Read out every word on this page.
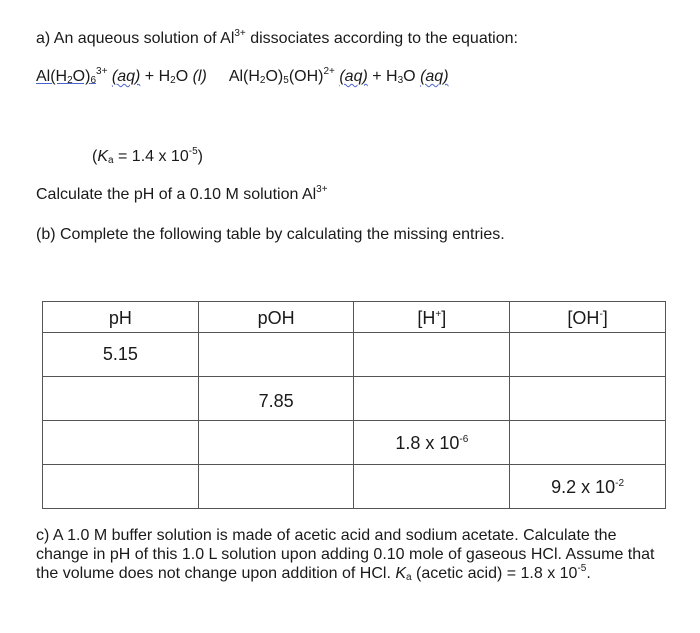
a) An aqueous solution of $Al^{3+}$ dissociates according to the equation:
$Al(H_2O)_6^{3+}$ $(aq) + H_2O$ (l) $Al(H_2O)_5(OH)^{2+}$ $(aq) + H_3O$ (aq)
($K_a = 1.4$ x $10^{-5}$)
Calculate the pH of a 0.10 M solution $Al^{3+}$
(b) Complete the following table by calculating the missing entries.
pH	pOH	[H+]	[OH-]
5.15			
	7.85		
		1.8 x $10^{-6}$	
			9.2 x $10^{-2}$
c) A 1.0 M buffer solution is made of acetic acid and sodium acetate. Calculate the change in pH of this 1.0 L solution upon adding 0.10 mole of gaseous HCl. Assume that the volume does not change upon addition of HCl. $K_a$ (acetic acid) = 1.8 x $10^{-5}$.
